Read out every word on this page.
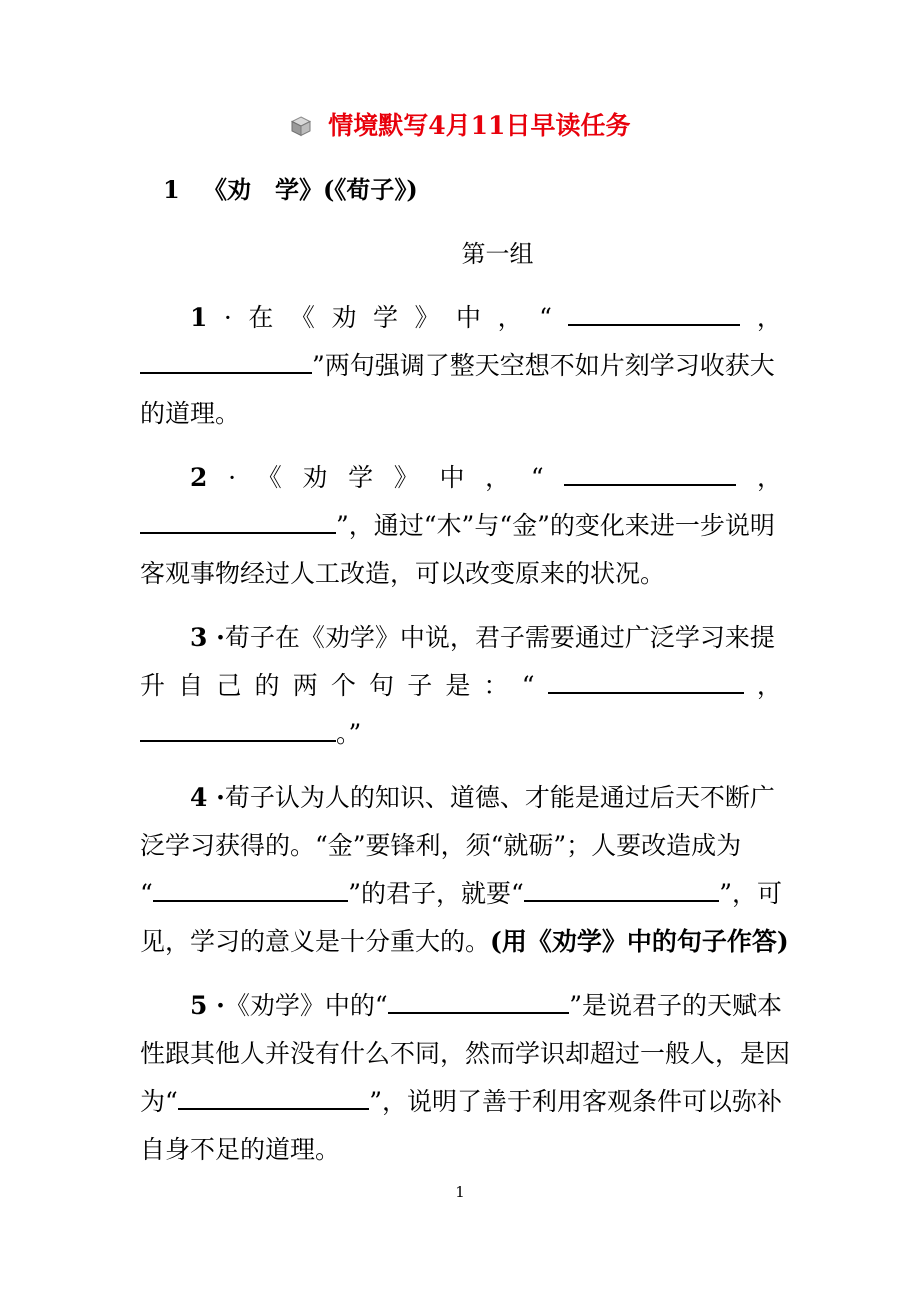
情境默写4月11日早读任务
1 《劝　学》(《荀子》)
第一组
1 · 在 《 劝 学 》 中 ， “	，
”两句强调了整天空想不如片刻学习收获大
的道理。
2 · 《 劝 学 》 中 ， “	，
”，通过“木”与“金”的变化来进一步说明
客观事物经过人工改造，可以改变原来的状况。
3 · 荀子在《劝学》中说，君子需要通过广泛学习来提
升 自 己 的 两 个 句 子 是 ： “	，
。”
4 · 荀子认为人的知识、道德、才能是通过后天不断广
泛学习获得的。“金”要锋利，须“就砺”；人要改造成为
“	”的君子，就要“	”，可
见，学习的意义是十分重大的。 (用《劝学》中的句子作答)
5 · 《劝学》中的“	”是说君子的天赋本
性跟其他人并没有什么不同，然而学识却超过一般人，是因
为“	”，说明了善于利用客观条件可以弥补
自身不足的道理。
1
